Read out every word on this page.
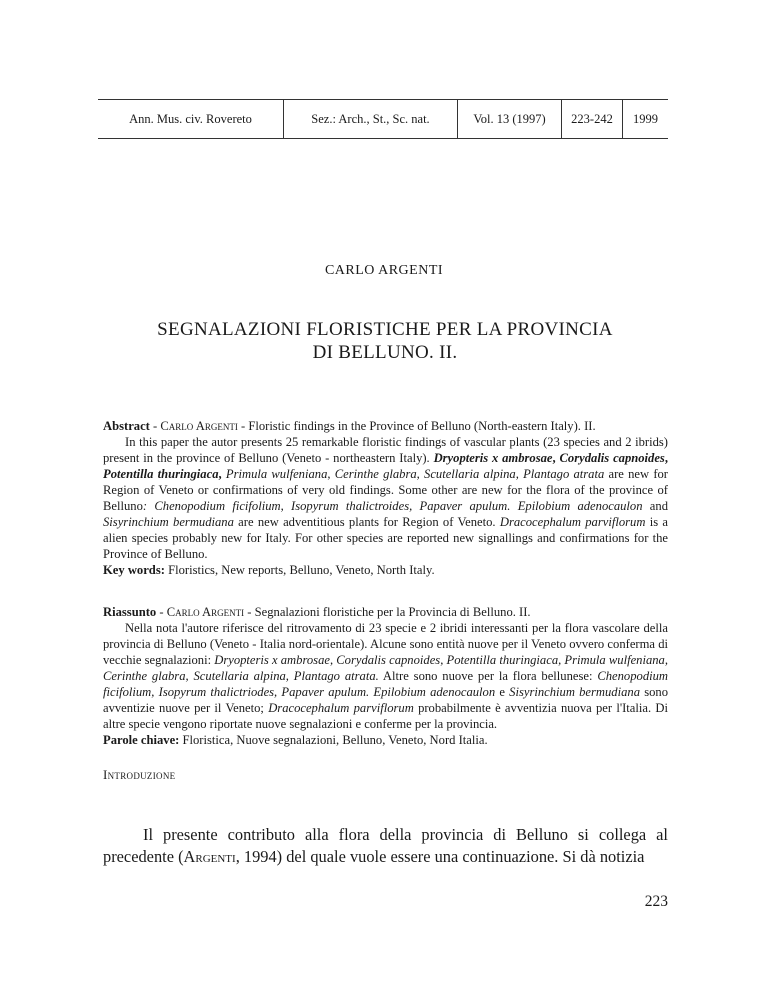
Ann. Mus. civ. Rovereto	Sez.: Arch., St., Sc. nat.	Vol. 13 (1997)	223-242	1999
CARLO ARGENTI
SEGNALAZIONI FLORISTICHE PER LA PROVINCIA
DI BELLUNO. II.

Abstract - Carlo Argenti - Floristic findings in the Province of Belluno (North-eastern Italy). II.

In this paper the autor presents 25 remarkable floristic findings of vascular plants (23 species and 2 ibrids) present in the province of Belluno (Veneto - northeastern Italy). Dryopteris x ambrosae, Corydalis capnoides, Potentilla thuringiaca, Primula wulfeniana, Cerinthe glabra, Scutellaria alpina, Plantago atrata are new for Region of Veneto or confirmations of very old findings. Some other are new for the flora of the province of Belluno: Chenopodium ficifolium, Isopyrum thalictroides, Papaver apulum. Epilobium adenocaulon and Sisyrinchium bermudiana are new adventitious plants for Region of Veneto. Dracocephalum parviflorum is a alien species probably new for Italy. For other species are reported new signallings and confirmations for the Province of Belluno.

Key words: Floristics, New reports, Belluno, Veneto, North Italy.

Riassunto - Carlo Argenti - Segnalazioni floristiche per la Provincia di Belluno. II.

Nella nota l'autore riferisce del ritrovamento di 23 specie e 2 ibridi interessanti per la flora vascolare della provincia di Belluno (Veneto - Italia nord-orientale). Alcune sono entità nuove per il Veneto ovvero conferma di vecchie segnalazioni: Dryopteris x ambrosae, Corydalis capnoides, Potentilla thuringiaca, Primula wulfeniana, Cerinthe glabra, Scutellaria alpina, Plantago atrata. Altre sono nuove per la flora bellunese: Chenopodium ficifolium, Isopyrum thalictriodes, Papaver apulum. Epilobium adenocaulon e Sisyrinchium bermudiana sono avventizie nuove per il Veneto; Dracocephalum parviflorum probabilmente è avventizia nuova per l'Italia. Di altre specie vengono riportate nuove segnalazioni e conferme per la provincia.

Parole chiave: Floristica, Nuove segnalazioni, Belluno, Veneto, Nord Italia.

Introduzione

Il presente contributo alla flora della provincia di Belluno si collega al precedente (Argenti, 1994) del quale vuole essere una continuazione. Si dà notizia

223
